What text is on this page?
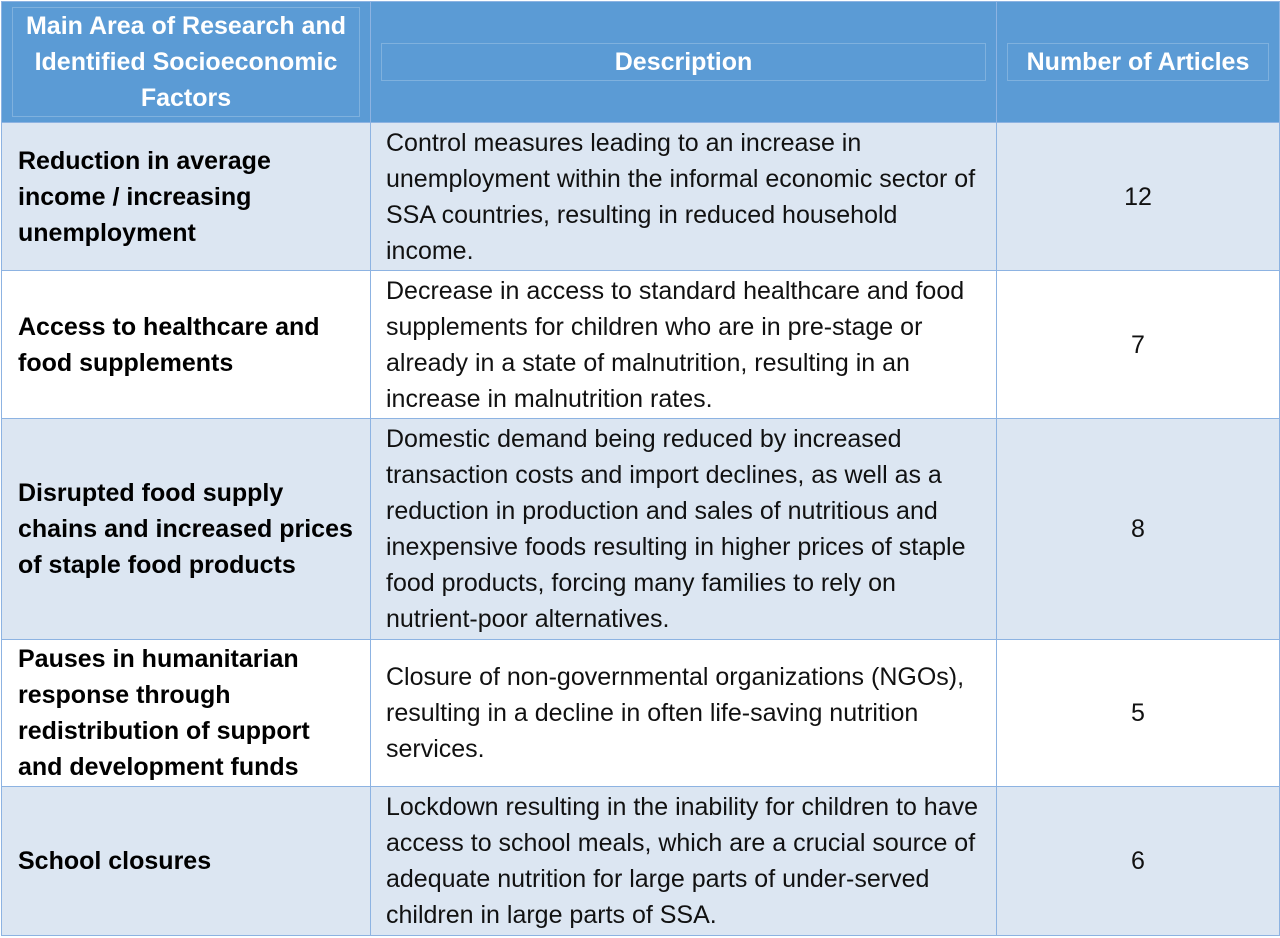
Main Area of Research and Identified Socioeconomic Factors	Description	Number of Articles

Reduction in average income / increasing unemployment	Control measures leading to an increase in unemployment within the informal economic sector of SSA countries, resulting in reduced household income.	12
Access to healthcare and food supplements	Decrease in access to standard healthcare and food supplements for children who are in pre-stage or already in a state of malnutrition, resulting in an increase in malnutrition rates.	7
Disrupted food supply chains and increased prices of staple food products	Domestic demand being reduced by increased transaction costs and import declines, as well as a reduction in production and sales of nutritious and inexpensive foods resulting in higher prices of staple food products, forcing many families to rely on nutrient-poor alternatives.	8
Pauses in humanitarian response through redistribution of support and development funds	Closure of non-governmental organizations (NGOs), resulting in a decline in often life-saving nutrition services.	5
School closures	Lockdown resulting in the inability for children to have access to school meals, which are a crucial source of adequate nutrition for large parts of under-served children in large parts of SSA.	6
